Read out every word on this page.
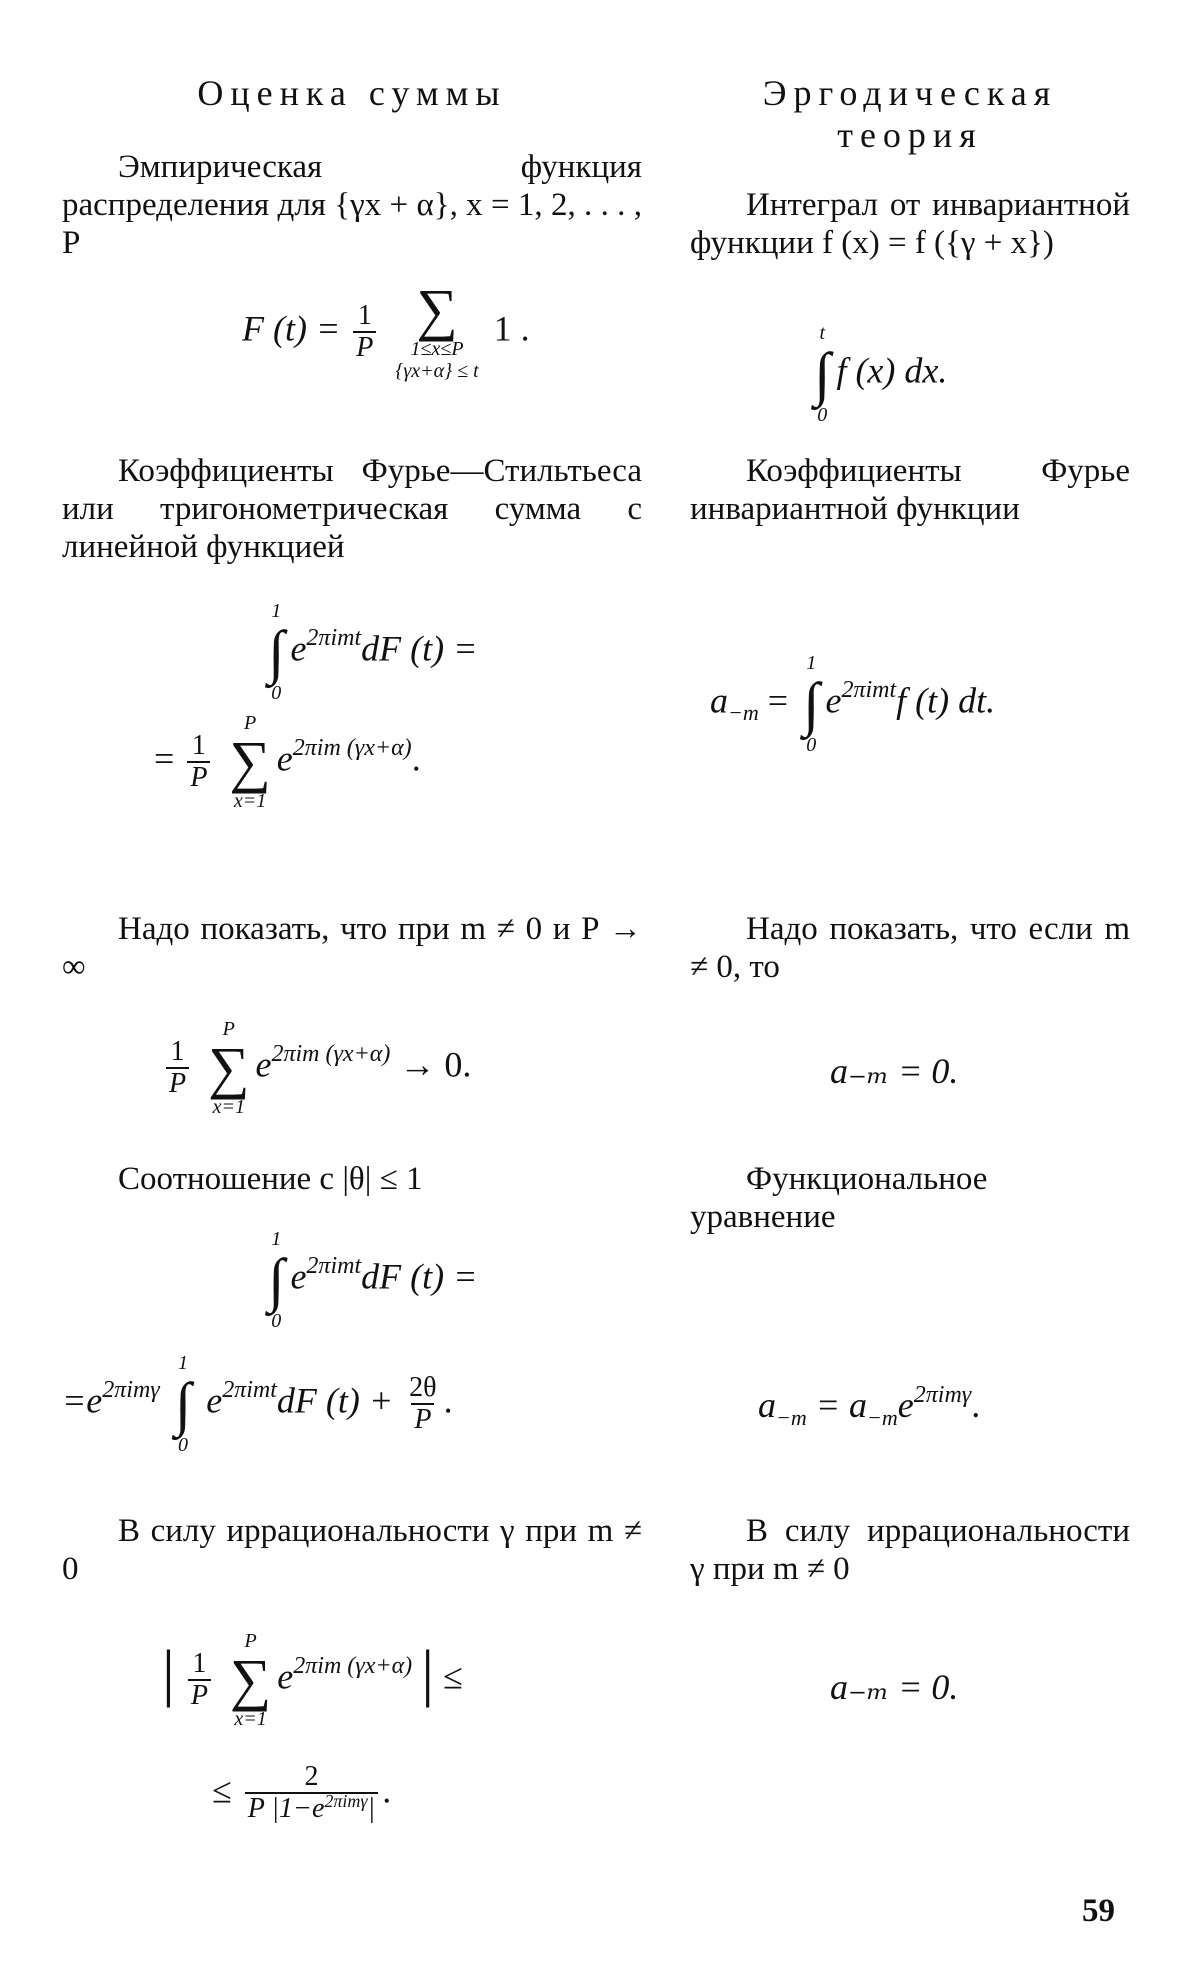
Оценка суммы
Эмпирическая функция распределения для {γx + α}, x = 1, 2, . . . , P
F $(t) = \frac{1}{P}$
∑
1≤x≤P
{γx+α} ≤ t
1 .
Коэффициенты Фурье—Стильтьеса или тригонометрическая сумма с линейной функцией
1
∫
0
$e^{2\pi imt}dF$ (t) =
= $\frac{1}{P}$

P
∑
x=1
$e^{2\pi im (\gamma x+\alpha)}$.
Надо показать, что при m ≠ 0 и P → ∞
$\frac{1}{P}$

P
∑
x=1
$e^{2\pi im (\gamma x+\alpha)} \to 0$.
Соотношение с |θ| ≤ 1
1
∫
0
$e^{2\pi imt}dF$ (t) =
$=e^{2\pi im\gamma}$
1
∫
0
$e^{2\pi imt}dF$ $(t) + \frac{2\theta}{P}$ .
В силу иррациональности γ при m ≠ 0
| $\frac{1}{P}$

P
∑
x=1
$e^{2\pi im (\gamma x+\alpha)}$ | ≤
≤ $\frac{2}{P |1-e^{2\pi im\gamma}|}$ .
Эргодическая теория
Интеграл от инвариантной функции f (x) = f ({γ + x})
t
∫
0
f (x) dx.
Коэффициенты Фурье инвариантной функции
$a_{-m}$ =
1
∫
0
$e^{2\pi imt}f$ (t) dt.
Надо показать, что если m ≠ 0, то
a₋ₘ = 0.
Функциональное уравнение
$a_{-m} = a_{-m}e^{2\pi im\gamma}$.
В силу иррациональности γ при m ≠ 0
a₋ₘ = 0.
59
